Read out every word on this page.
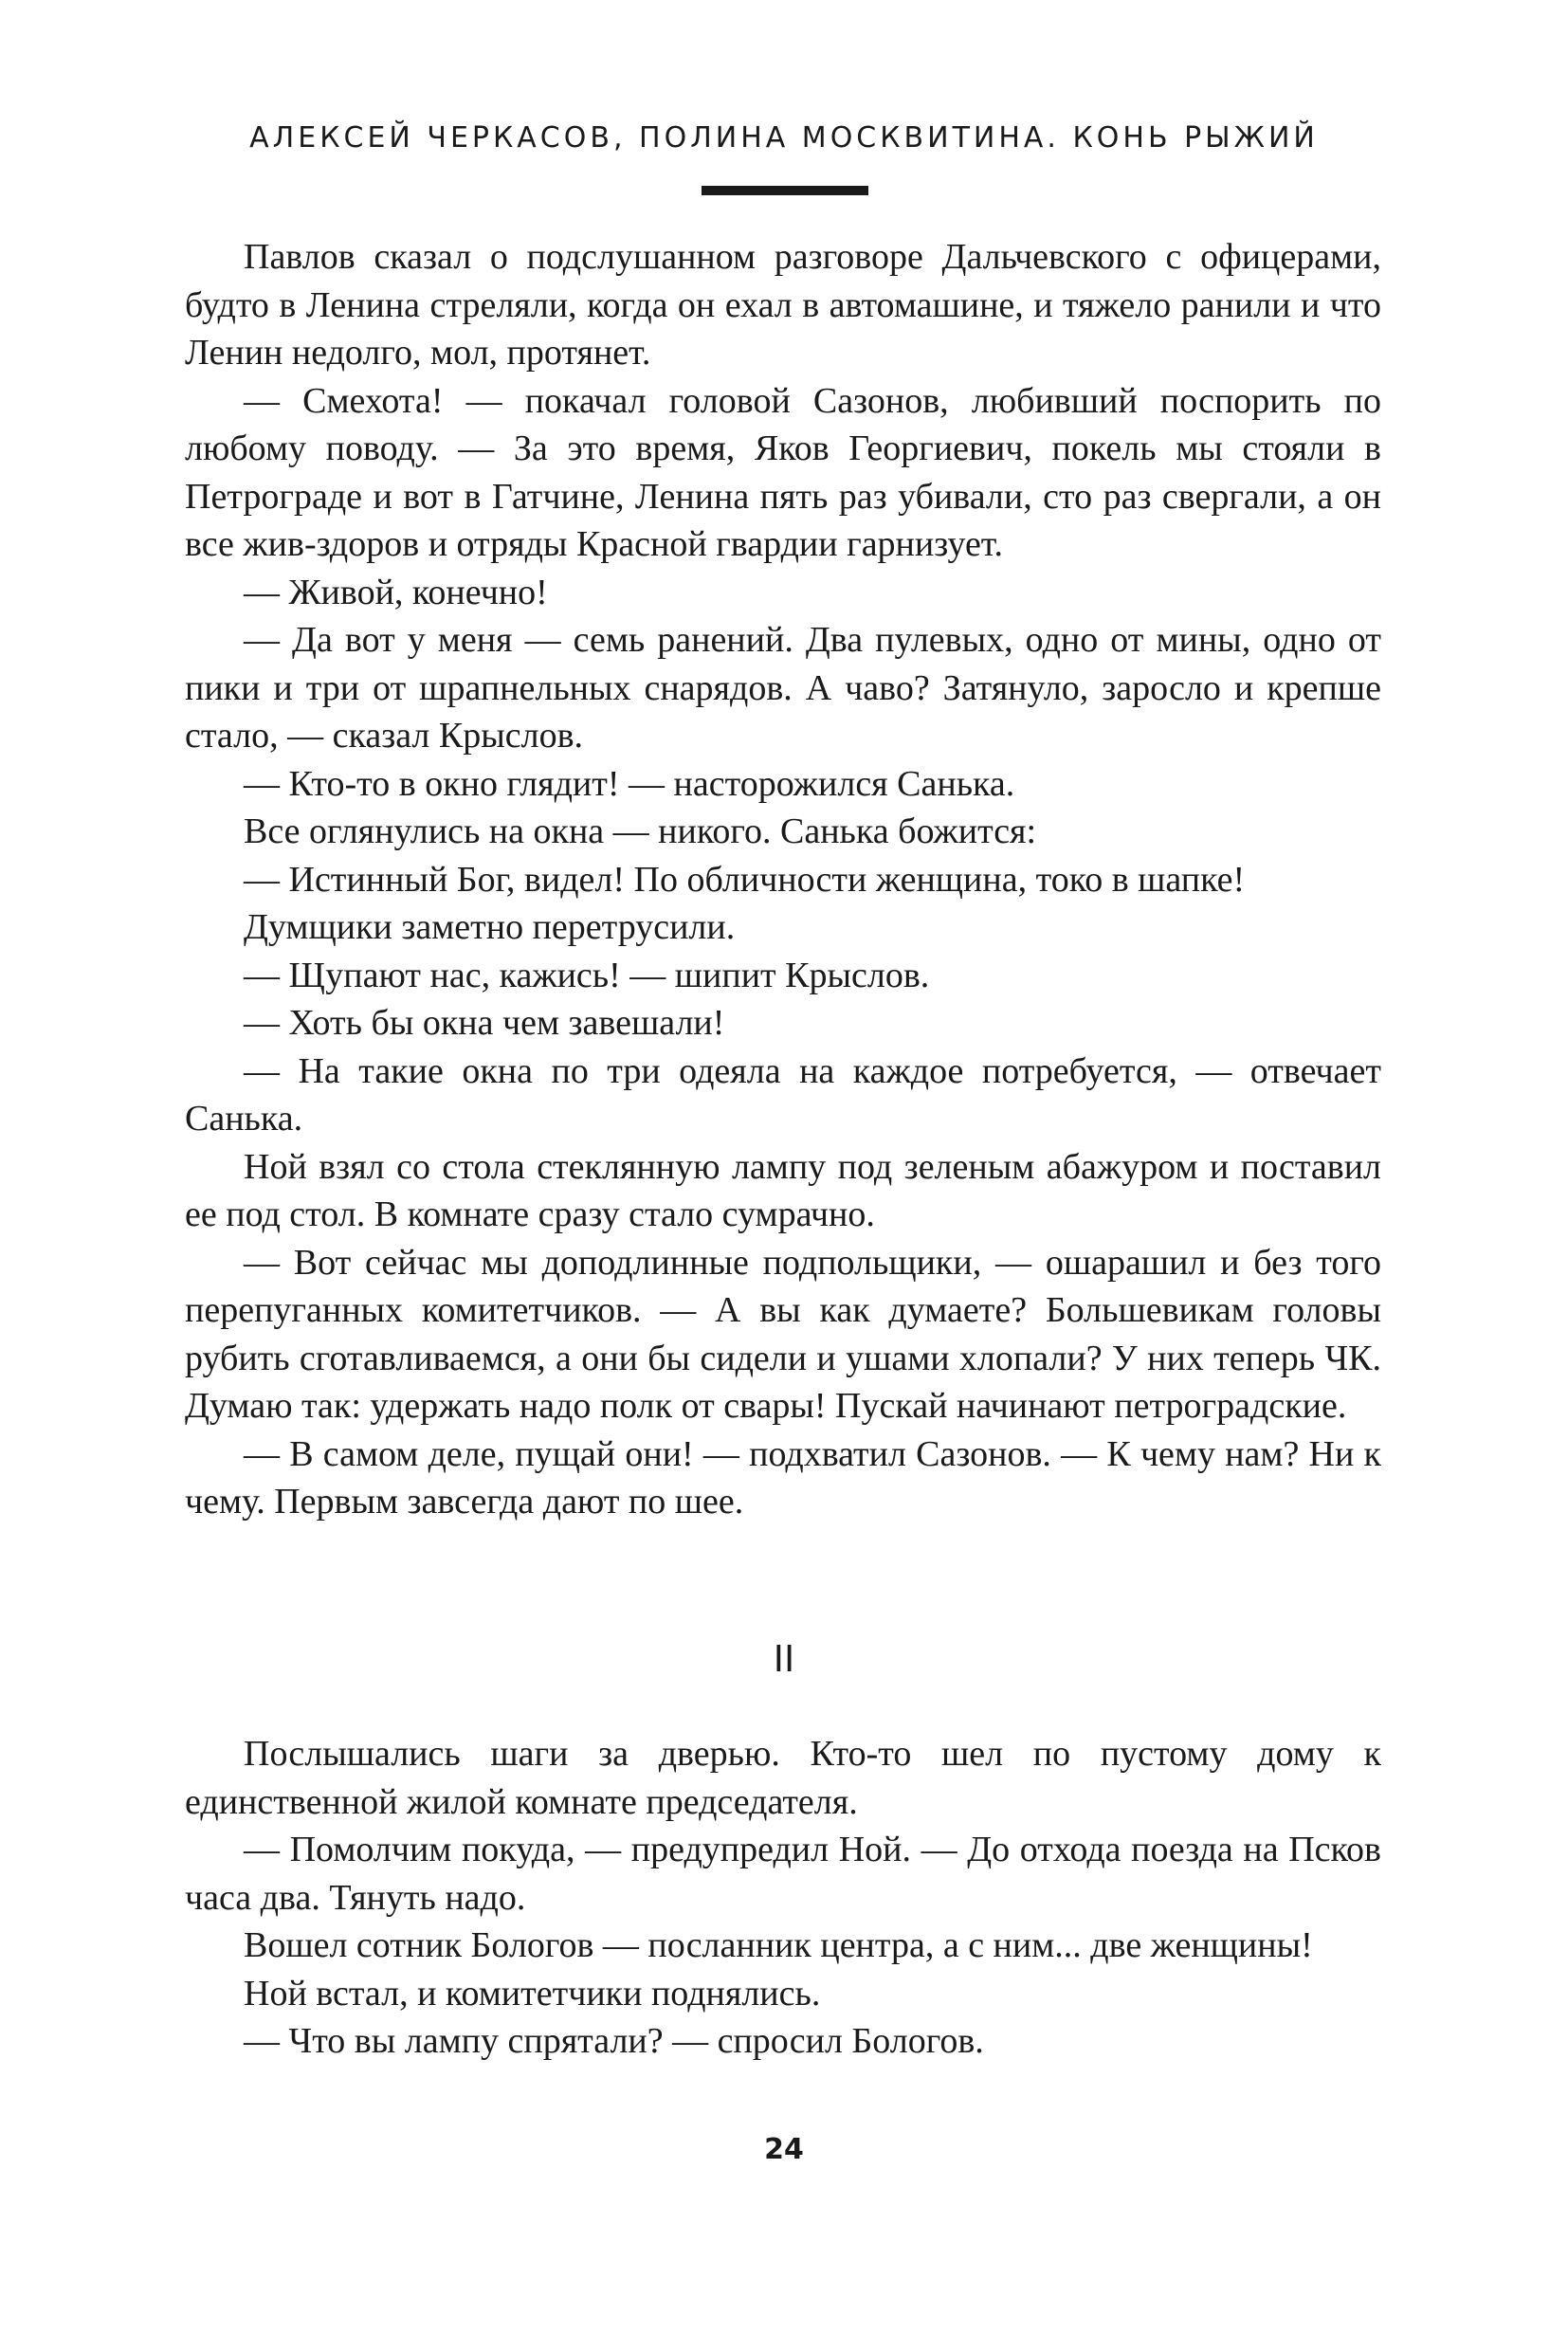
АЛЕКСЕЙ ЧЕРКАСОВ, ПОЛИНА МОСКВИТИНА. КОНЬ РЫЖИЙ

Павлов сказал о подслушанном разговоре Дальчевского с офицерами, будто в Ленина стреляли, когда он ехал в автомашине, и тяжело ранили и что Ленин недолго, мол, протянет.

— Смехота! — покачал головой Сазонов, любивший поспорить по любому поводу. — За это время, Яков Георгиевич, покель мы стояли в Петрограде и вот в Гатчине, Ленина пять раз убивали, сто раз свергали, а он все жив-здоров и отряды Красной гвардии гарнизует.

— Живой, конечно!

— Да вот у меня — семь ранений. Два пулевых, одно от мины, одно от пики и три от шрапнельных снарядов. А чаво? Затянуло, заросло и крепше стало, — сказал Крыслов.

— Кто-то в окно глядит! — насторожился Санька.

Все оглянулись на окна — никого. Санька божится:

— Истинный Бог, видел! По обличности женщина, токо в шапке!

Думщики заметно перетрусили.

— Щупают нас, кажись! — шипит Крыслов.

— Хоть бы окна чем завешали!

— На такие окна по три одеяла на каждое потребуется, — отвечает Санька.

Ной взял со стола стеклянную лампу под зеленым абажуром и поставил ее под стол. В комнате сразу стало сумрачно.

— Вот сейчас мы доподлинные подпольщики, — ошарашил и без того перепуганных комитетчиков. — А вы как думаете? Большевикам головы рубить сготавливаемся, а они бы сидели и ушами хлопали? У них теперь ЧК. Думаю так: удержать надо полк от свары! Пускай начинают петроградские.

— В самом деле, пущай они! — подхватил Сазонов. — К чему нам? Ни к чему. Первым завсегда дают по шее.

II

Послышались шаги за дверью. Кто-то шел по пустому дому к единственной жилой комнате председателя.

— Помолчим покуда, — предупредил Ной. — До отхода поезда на Псков часа два. Тянуть надо.

Вошел сотник Бологов — посланник центра, а с ним... две женщины!

Ной встал, и комитетчики поднялись.

— Что вы лампу спрятали? — спросил Бологов.

24
